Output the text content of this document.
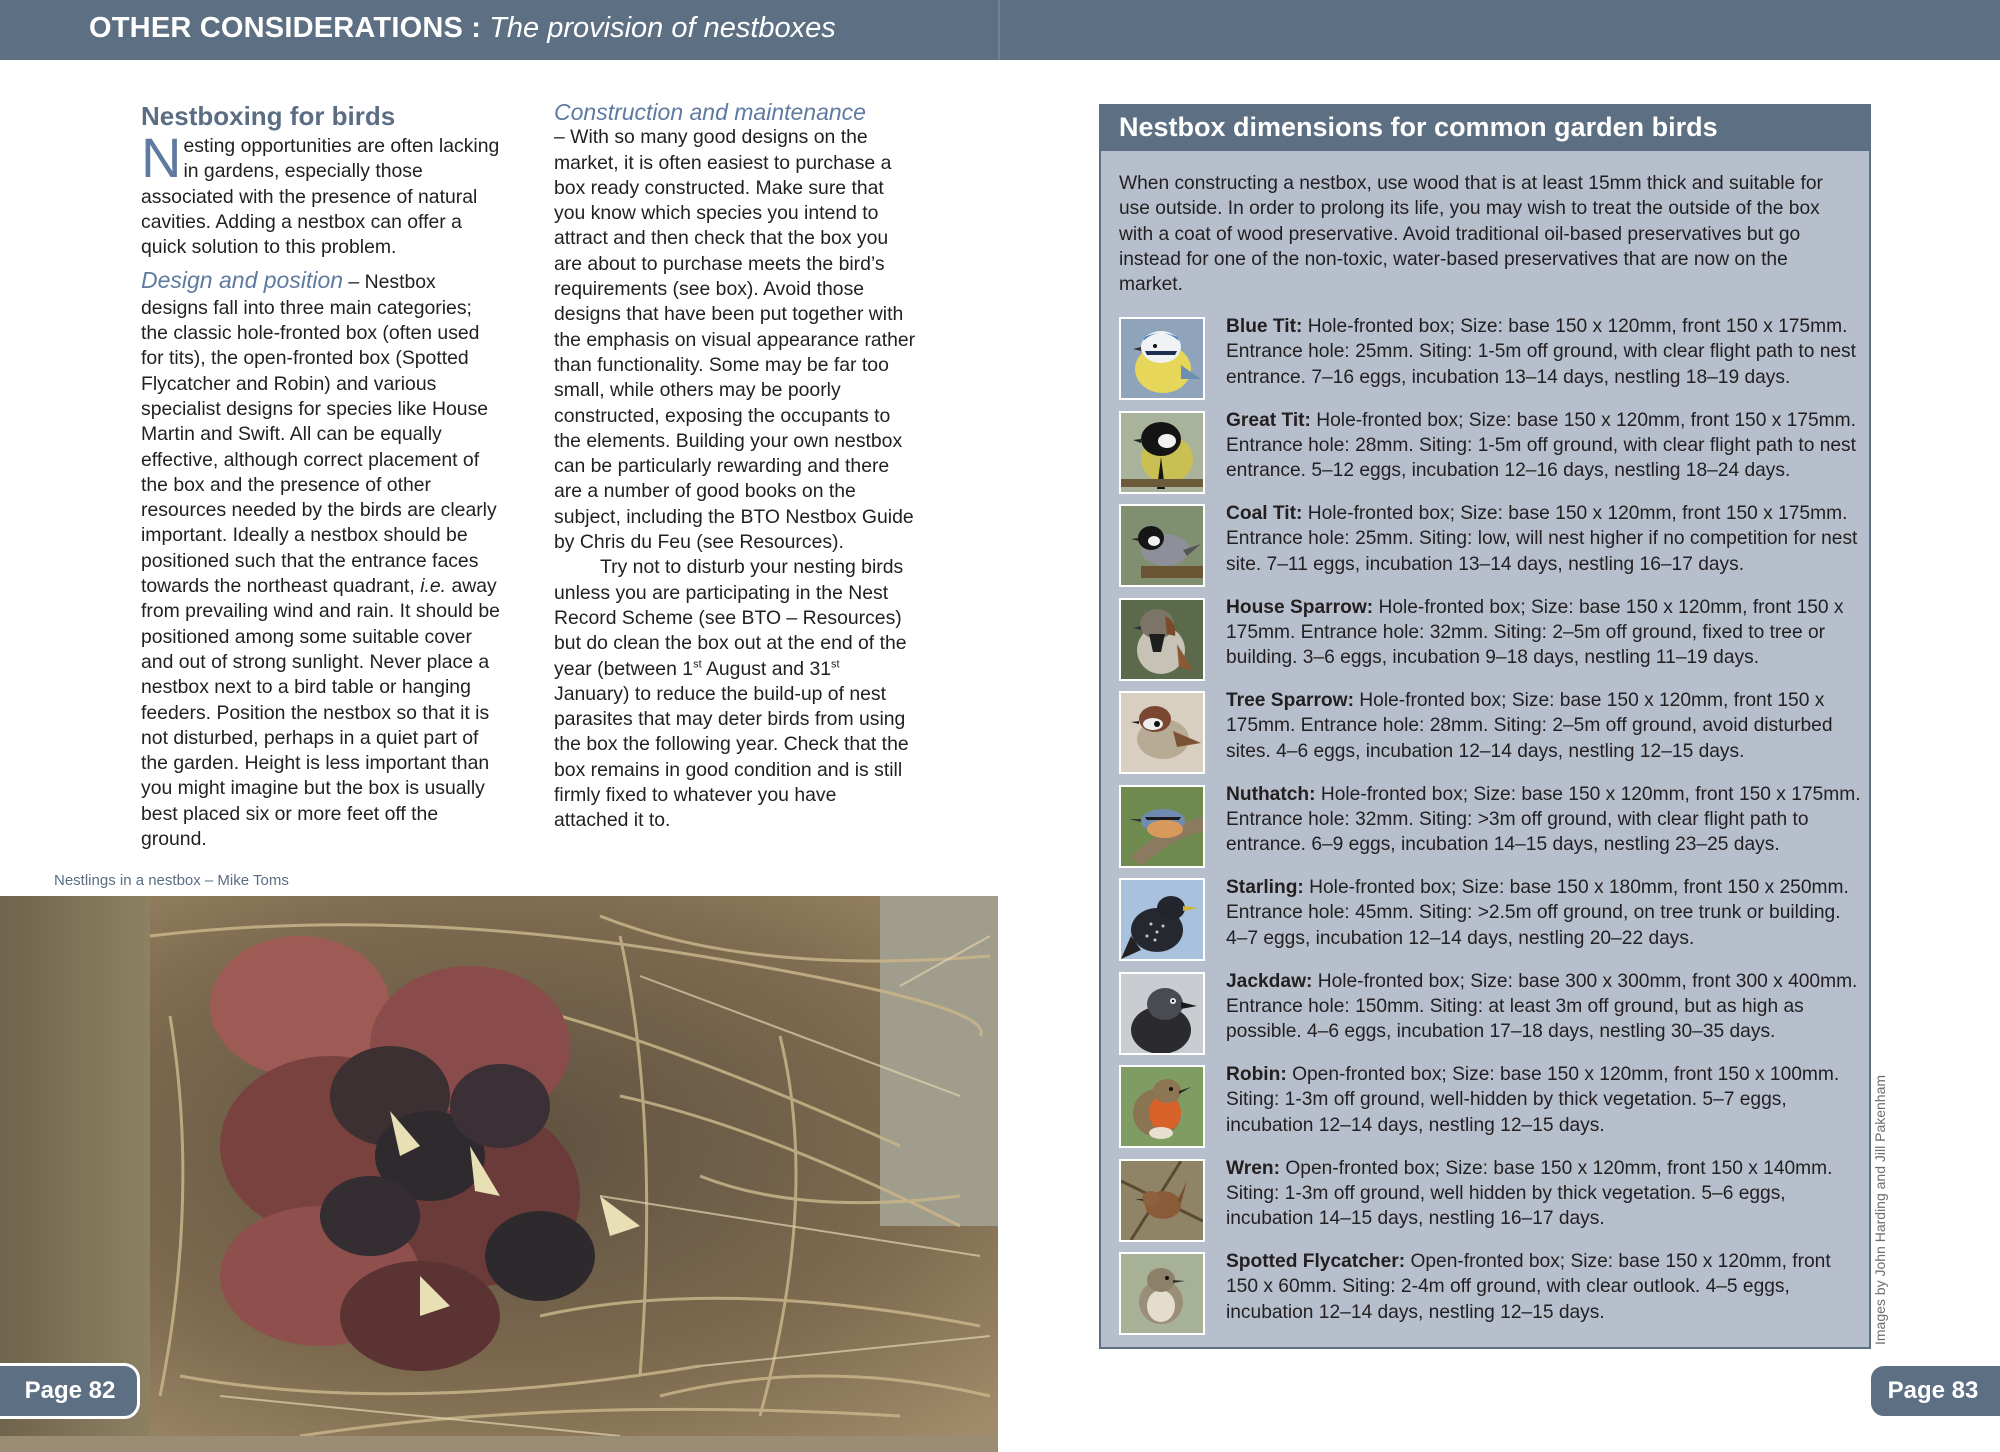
OTHER CONSIDERATIONS : The provision of nestboxes
Nestboxing for birds

Nesting opportunities are often lacking in gardens, especially those associated with the presence of natural cavities. Adding a nestbox can offer a quick solution to this problem.

Design and position – Nestbox designs fall into three main categories; the classic hole-fronted box (often used for tits), the open-fronted box (Spotted Flycatcher and Robin) and various specialist designs for species like House Martin and Swift. All can be equally effective, although correct placement of the box and the presence of other resources needed by the birds are clearly important. Ideally a nestbox should be positioned such that the entrance faces towards the northeast quadrant, i.e. away from prevailing wind and rain. It should be positioned among some suitable cover and out of strong sunlight. Never place a nestbox next to a bird table or hanging feeders. Position the nestbox so that it is not disturbed, perhaps in a quiet part of the garden. Height is less important than you might imagine but the box is usually best placed six or more feet off the ground.

Construction and maintenance

– With so many good designs on the market, it is often easiest to purchase a box ready constructed. Make sure that you know which species you intend to attract and then check that the box you are about to purchase meets the bird’s requirements (see box). Avoid those designs that have been put together with the emphasis on visual appearance rather than functionality. Some may be far too small, while others may be poorly constructed, exposing the occupants to the elements. Building your own nestbox can be particularly rewarding and there are a number of good books on the subject, including the BTO Nestbox Guide by Chris du Feu (see Resources).

Try not to disturb your nesting birds unless you are participating in the Nest Record Scheme (see BTO – Resources) but do clean the box out at the end of the year (between 1st August and 31st January) to reduce the build-up of nest parasites that may deter birds from using the box the following year. Check that the box remains in good condition and is still firmly fixed to whatever you have attached it to.

Nestlings in a nestbox – Mike Toms
Page 82	Page 83
Nestbox dimensions for common garden birds
When constructing a nestbox, use wood that is at least 15mm thick and suitable for use outside. In order to prolong its life, you may wish to treat the outside of the box with a coat of wood preservative. Avoid traditional oil-based preservatives but go instead for one of the non-toxic, water-based preservatives that are now on the market.
Blue Tit: Hole-fronted box; Size: base 150 x 120mm, front 150 x 175mm. Entrance hole: 25mm. Siting: 1-5m off ground, with clear flight path to nest entrance. 7–16 eggs, incubation 13–14 days, nestling 18–19 days.
Great Tit: Hole-fronted box; Size: base 150 x 120mm, front 150 x 175mm. Entrance hole: 28mm. Siting: 1-5m off ground, with clear flight path to nest entrance. 5–12 eggs, incubation 12–16 days, nestling 18–24 days.
Coal Tit: Hole-fronted box; Size: base 150 x 120mm, front 150 x 175mm. Entrance hole: 25mm. Siting: low, will nest higher if no competition for nest site. 7–11 eggs, incubation 13–14 days, nestling 16–17 days.
House Sparrow: Hole-fronted box; Size: base 150 x 120mm, front 150 x 175mm. Entrance hole: 32mm. Siting: 2–5m off ground, fixed to tree or building. 3–6 eggs, incubation 9–18 days, nestling 11–19 days.
Tree Sparrow: Hole-fronted box; Size: base 150 x 120mm, front 150 x 175mm. Entrance hole: 28mm. Siting: 2–5m off ground, avoid disturbed sites. 4–6 eggs, incubation 12–14 days, nestling 12–15 days.
Nuthatch: Hole-fronted box; Size: base 150 x 120mm, front 150 x 175mm. Entrance hole: 32mm. Siting: >3m off ground, with clear flight path to entrance. 6–9 eggs, incubation 14–15 days, nestling 23–25 days.
Starling: Hole-fronted box; Size: base 150 x 180mm, front 150 x 250mm. Entrance hole: 45mm. Siting: >2.5m off ground, on tree trunk or building. 4–7 eggs, incubation 12–14 days, nestling 20–22 days.
Jackdaw: Hole-fronted box; Size: base 300 x 300mm, front 300 x 400mm. Entrance hole: 150mm. Siting: at least 3m off ground, but as high as possible. 4–6 eggs, incubation 17–18 days, nestling 30–35 days.
Robin: Open-fronted box; Size: base 150 x 120mm, front 150 x 100mm. Siting: 1-3m off ground, well-hidden by thick vegetation. 5–7 eggs, incubation 12–14 days, nestling 12–15 days.
Wren: Open-fronted box; Size: base 150 x 120mm, front 150 x 140mm. Siting: 1-3m off ground, well hidden by thick vegetation. 5–6 eggs, incubation 14–15 days, nestling 16–17 days.
Spotted Flycatcher: Open-fronted box; Size: base 150 x 120mm, front 150 x 60mm. Siting: 2-4m off ground, with clear outlook. 4–5 eggs, incubation 12–14 days, nestling 12–15 days.	Images by John Harding and Jill Pakenham
